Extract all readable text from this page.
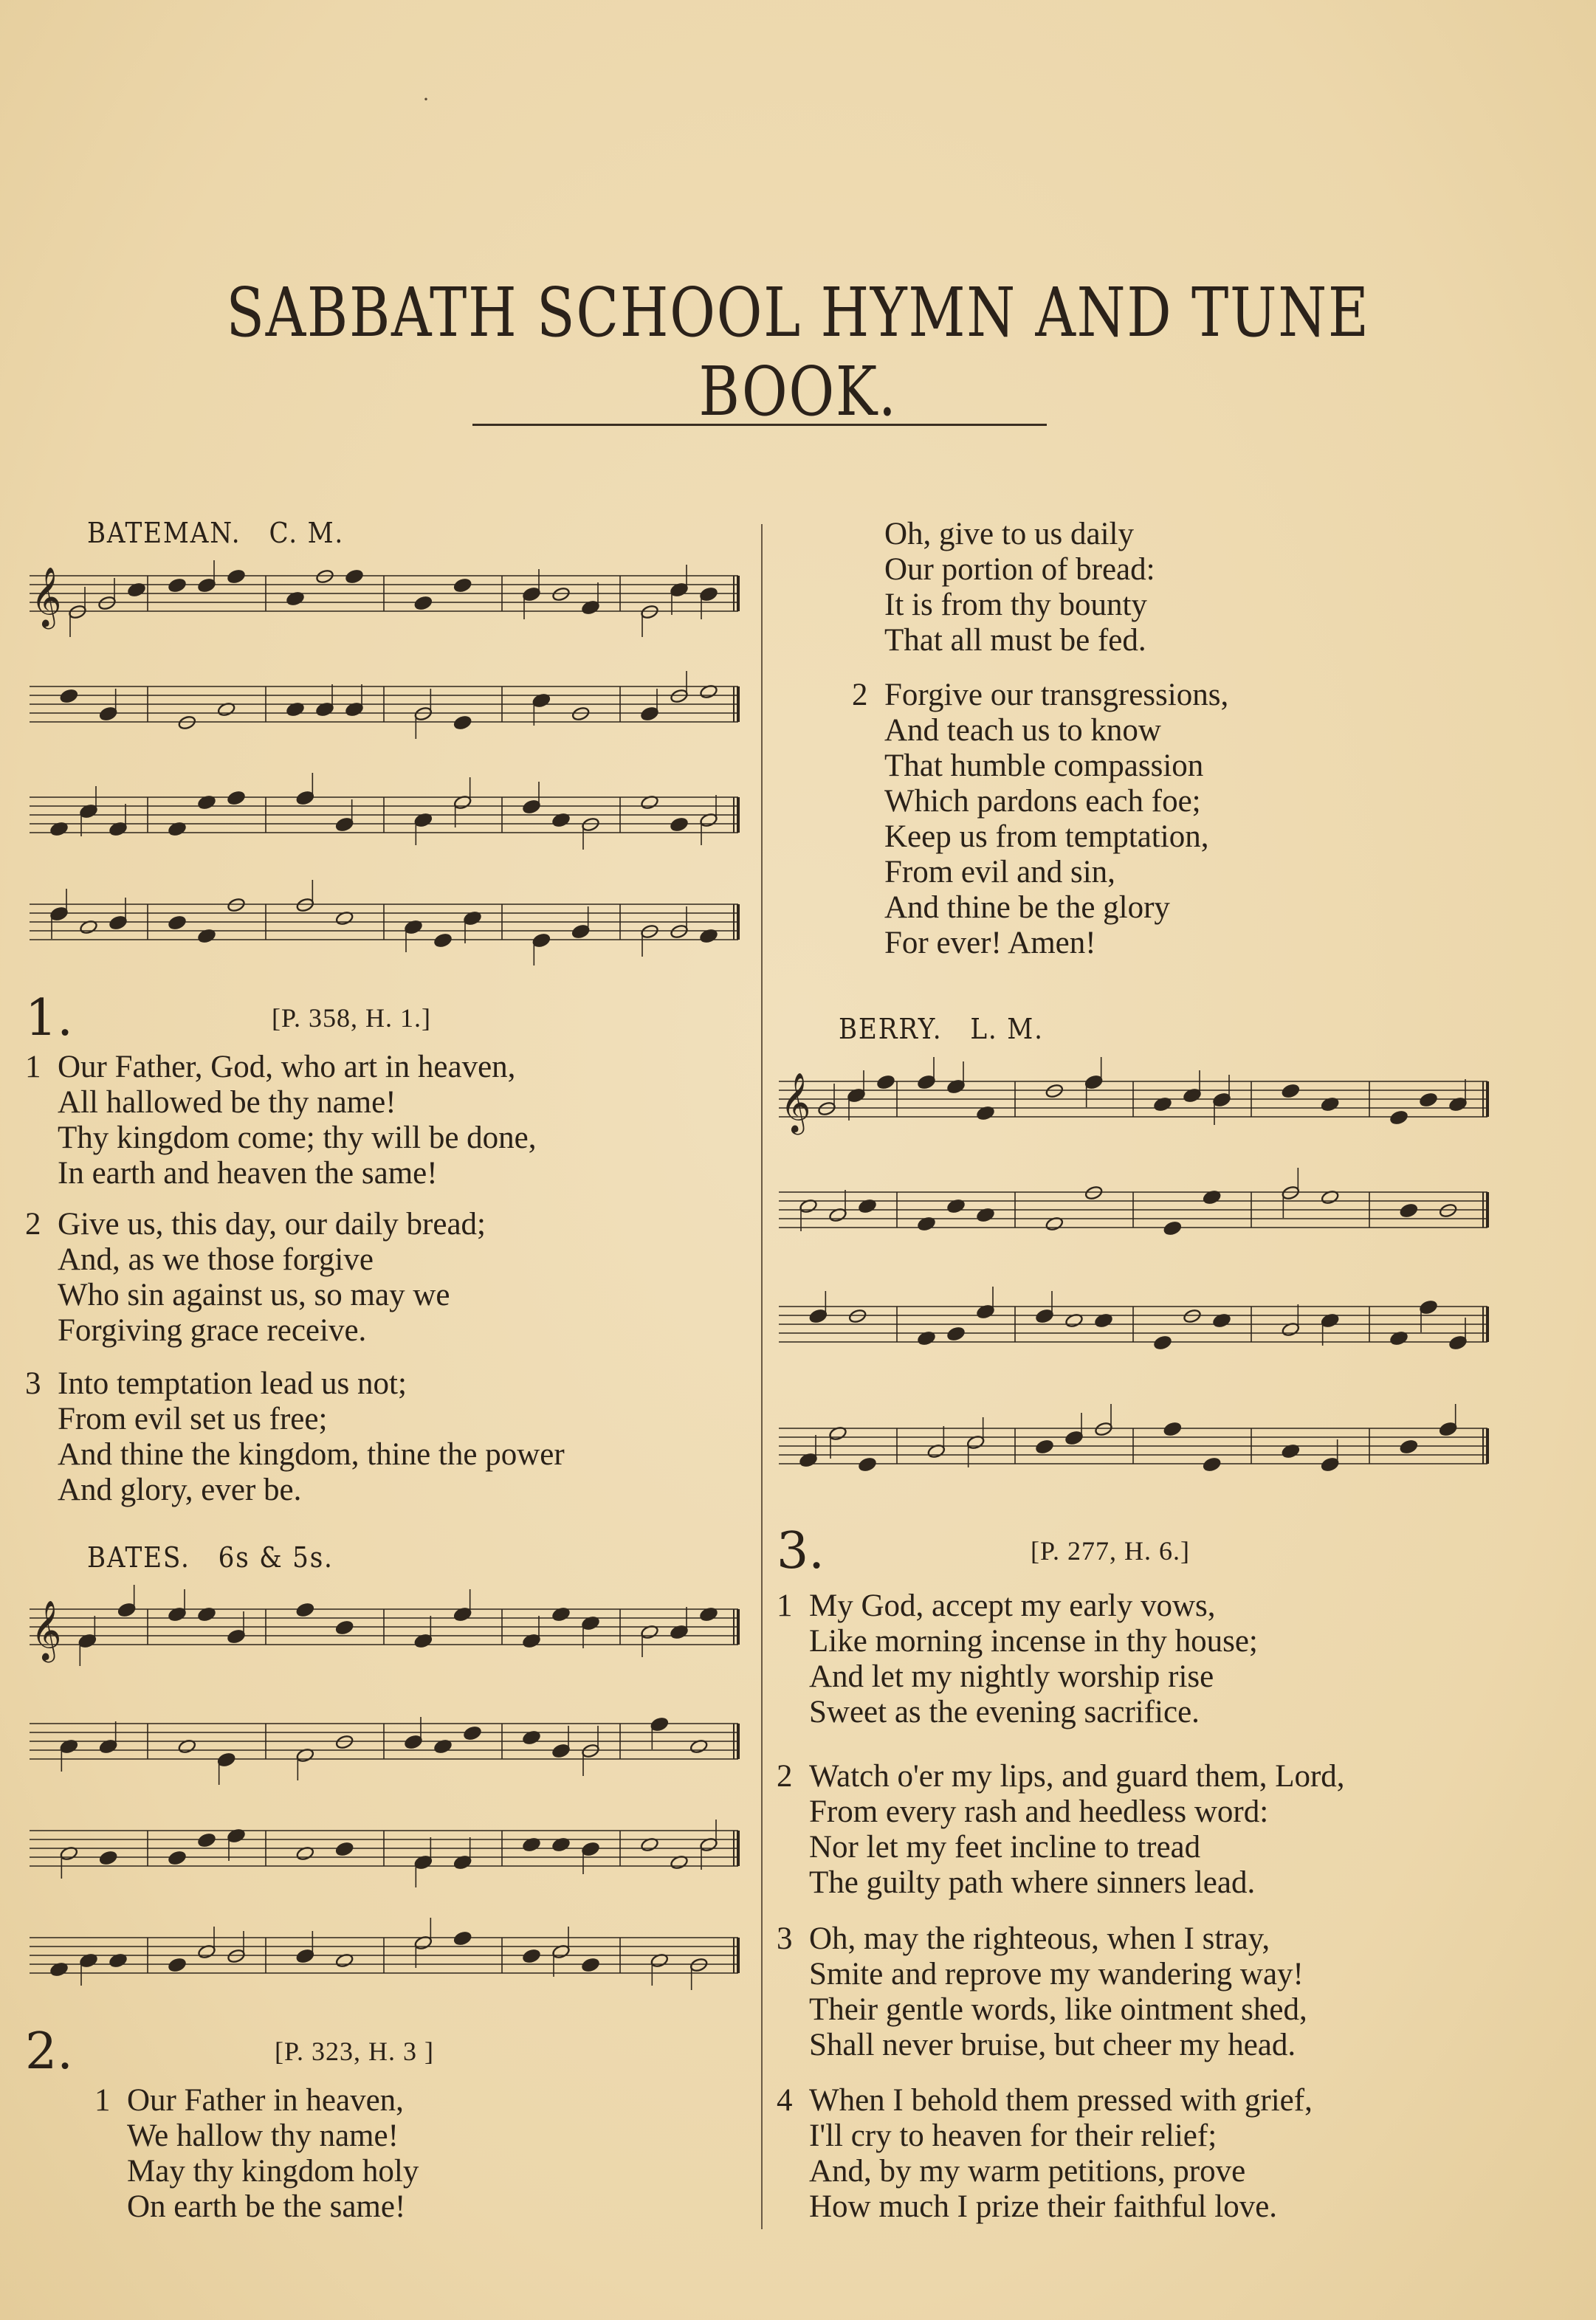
SABBATH SCHOOL HYMN AND TUNE BOOK.
BATEMAN. C. M.
𝄞
1.	[P. 358, H. 1.]
1 Our Father, God, who art in heaven,
All hallowed be thy name!
Thy kingdom come; thy will be done,
In earth and heaven the same!
2 Give us, this day, our daily bread;
And, as we those forgive
Who sin against us, so may we
Forgiving grace receive.
3 Into temptation lead us not;
From evil set us free;
And thine the kingdom, thine the power
And glory, ever be.
BATES. 6s & 5s.
𝄞
2.	[P. 323, H. 3 ]
1 Our Father in heaven,
We hallow thy name!
May thy kingdom holy
On earth be the same!
Oh, give to us daily
Our portion of bread:
It is from thy bounty
That all must be fed.
2 Forgive our transgressions,
And teach us to know
That humble compassion
Which pardons each foe;
Keep us from temptation,
From evil and sin,
And thine be the glory
For ever! Amen!
BERRY. L. M.
𝄞
3.	[P. 277, H. 6.]
1 My God, accept my early vows,
Like morning incense in thy house;
And let my nightly worship rise
Sweet as the evening sacrifice.
2 Watch o'er my lips, and guard them, Lord,
From every rash and heedless word:
Nor let my feet incline to tread
The guilty path where sinners lead.
3 Oh, may the righteous, when I stray,
Smite and reprove my wandering way!
Their gentle words, like ointment shed,
Shall never bruise, but cheer my head.
4 When I behold them pressed with grief,
I'll cry to heaven for their relief;
And, by my warm petitions, prove
How much I prize their faithful love.
·
